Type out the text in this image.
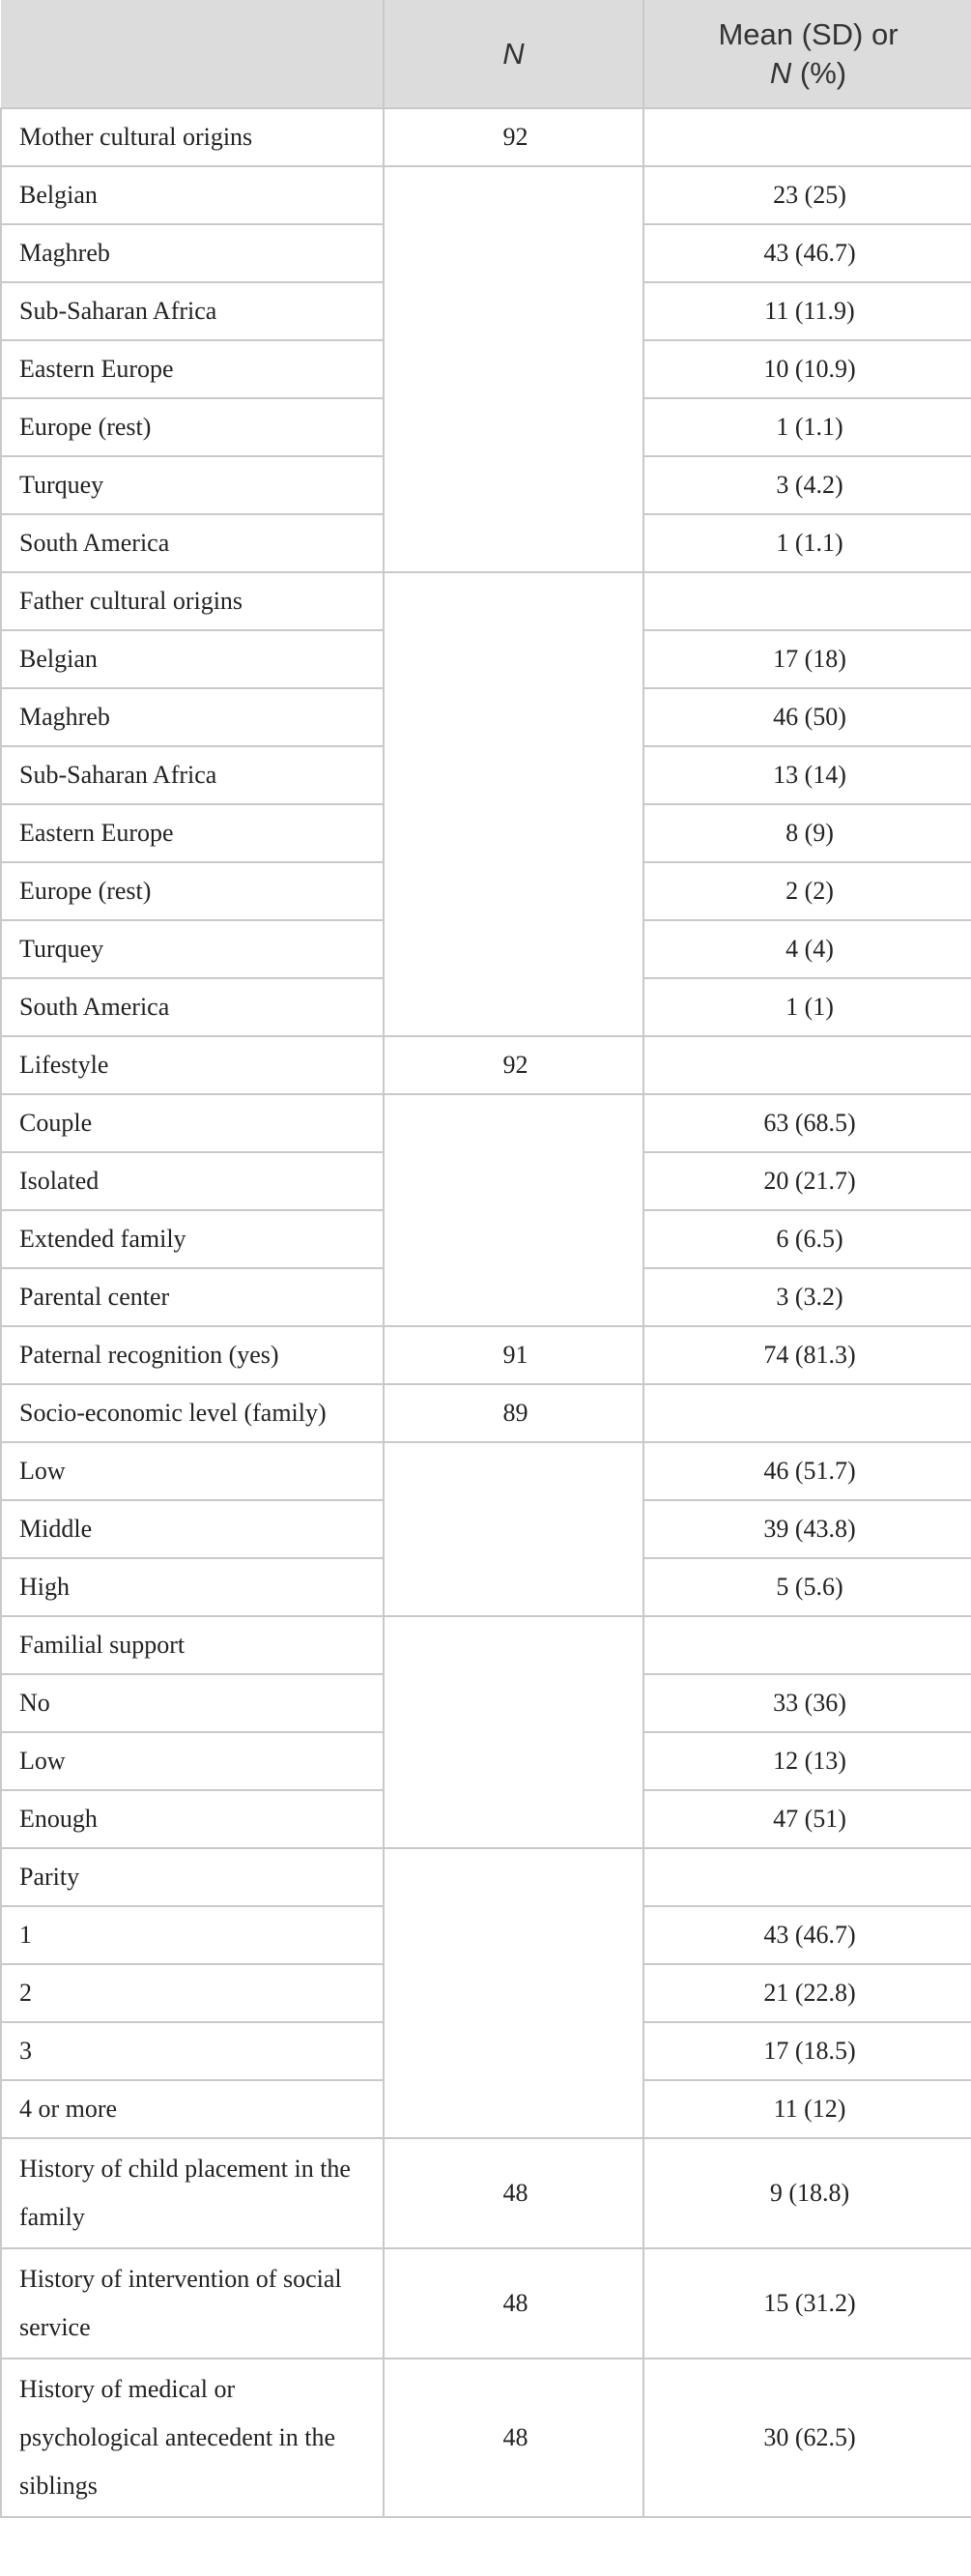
	N	Mean (SD) or
N (%)
Mother cultural origins	92	
Belgian		23 (25)
Maghreb		43 (46.7)
Sub-Saharan Africa		11 (11.9)
Eastern Europe		10 (10.9)
Europe (rest)		1 (1.1)
Turquey		3 (4.2)
South America		1 (1.1)
Father cultural origins		
Belgian		17 (18)
Maghreb		46 (50)
Sub-Saharan Africa		13 (14)
Eastern Europe		8 (9)
Europe (rest)		2 (2)
Turquey		4 (4)
South America		1 (1)
Lifestyle	92	
Couple		63 (68.5)
Isolated		20 (21.7)
Extended family		6 (6.5)
Parental center		3 (3.2)
Paternal recognition (yes)	91	74 (81.3)
Socio-economic level (family)	89	
Low		46 (51.7)
Middle		39 (43.8)
High		5 (5.6)
Familial support		
No		33 (36)
Low		12 (13)
Enough		47 (51)
Parity		
1		43 (46.7)
2		21 (22.8)
3		17 (18.5)
4 or more		11 (12)
History of child placement in the family	48	9 (18.8)
History of intervention of social service	48	15 (31.2)
History of medical or psychological antecedent in the siblings	48	30 (62.5)
